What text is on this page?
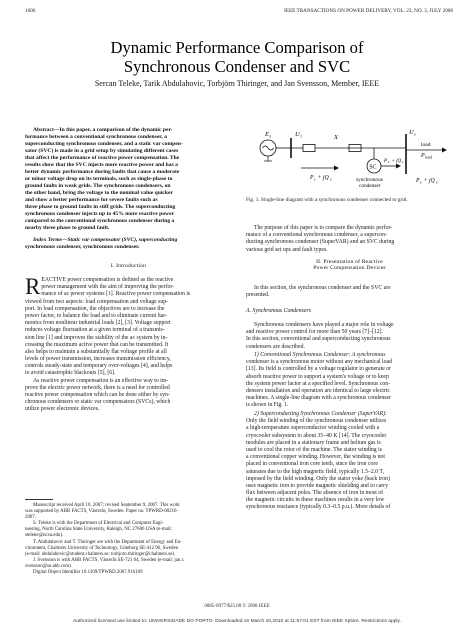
1606	IEEE TRANSACTIONS ON POWER DELIVERY, VOL. 23, NO. 3, JULY 2008
Dynamic Performance Comparison of
Synchronous Condenser and SVC
Sercan Teleke, Tarik Abdulahovic, Torbjörn Thiringer, and Jan Svensson, Member, IEEE
Abstract—In this paper, a comparison of the dynamic per-
formance between a conventional synchronous condenser, a
superconducting synchronous condenser, and a static var compen-
sator (SVC) is made in a grid setup by simulating different cases
that affect the performance of reactive power compensation. The
results show that the SVC injects more reactive power and has a
better dynamic performance during faults that cause a moderate
or minor voltage drop on its terminals, such as single-phase to
ground faults in weak grids. The synchronous condensers, on
the other hand, bring the voltage to the nominal value quicker
and show a better performance for severe faults such as
three phase to ground faults in stiff grids. The superconducting
synchronous condenser injects up to 45% more reactive power
compared to the conventional synchronous condenser during a
nearby three phase to ground fault.
Index Terms—Static var compensator (SVC), superconducting
synchronous condenser, synchronous condenser.
I. Introduction
R EACTIVE power compensation is defined as the reactive
power management with the aim of improving the perfor-
mance of ac power systems [1]. Reactive power compensation is
viewed from two aspects: load compensation and voltage sup-
port. In load compensation, the objectives are to increase the
power factor, to balance the load and to eliminate current har-
monics from nonlinear industrial loads [2], [3]. Voltage support
reduces voltage fluctuation at a given terminal of a transmis-
sion line [1] and improves the stability of the ac system by in-
creasing the maximum active power that can be transmitted. It
also helps to maintain a substantially flat voltage profile at all
levels of power transmission, increases transmission efficiency,
controls steady-state and temporary over-voltages [4], and helps
to avoid catastrophic blackouts [5], [6].
As reactive power compensation is an effective way to im-
prove the electric power network, there is a need for controlled
reactive power compensation which can be done either by syn-
chronous condensers or static var compensators (SVCs), which
utilize power electronic devices.
Manuscript received April 16, 2007; revised September 9, 2007. This work
was supported by ABB FACTS, Västerås, Sweden. Paper no. TPWRD-00216-
2007.
S. Teleke is with the Department of Electrical and Computer Engi-
neering, North Carolina State University, Raleigh, NC 27606 USA (e-mail:
steleke@ncsu.edu).
T. Abdulahovic and T. Thiringer are with the Department of Energy and En-
vironment, Chalmers University of Technology, Göteborg SE-412 96, Sweden
(e-mail: abdulahovic@student.chalmers.se; torbjorn.thiringer@chalmers.se).
J. Svensson is with ABB FACTS, Västerås SE-721 64, Sweden (e-mail: jan.r.
svensson@se.abb.com).
Digital Object Identifier 10.1109/TPWRD.2007.916109
E s	U 1	X
U s
load
P load
SC
P c + jQ c
synchronous
condenser
P s + jQ s	P s + jQ s
Fig. 1. Single-line diagram with a synchronous condenser connected to grid.
The purpose of this paper is to compare the dynamic perfor-
mance of a conventional synchronous condenser, a supercon-
ducting synchronous condenser (SuperVAR) and an SVC during
various grid set ups and fault types.
II. Presentation of Reactive
Power Compensation Devices
In this section, the synchronous condenser and the SVC are
presented.
A. Synchronous Condensers
Synchronous condensers have played a major role in voltage
and reactive power control for more than 50 years [7]–[12].
In this section, conventional and superconducting synchronous
condensers are described.
1) Conventional Synchronous Condenser: A synchronous
condenser is a synchronous motor without any mechanical load
[13]. Its field is controlled by a voltage regulator to generate or
absorb reactive power to support a system's voltage or to keep
the system power factor at a specified level. Synchronous con-
densers installation and operation are identical to large electric
machines. A single-line diagram with a synchronous condenser
is shown in Fig. 1.
2) Superconducting Synchronous Condenser (SuperVAR):
Only the field winding of the synchronous condenser utilizes
a high-temperature superconductor winding cooled with a
cryocooler subsystem to about 35–40 K [14]. The cryocooler
modules are placed in a stationary frame and helium gas is
used to cool the rotor of the machine. The stator winding is
a conventional copper winding. However, the winding is not
placed in conventional iron core teeth, since the iron core
saturates due to the high magnetic field, typically 1.5–2.0 T,
imposed by the field winding. Only the stator yoke (back iron)
uses magnetic iron to provide magnetic shielding and to carry
flux between adjacent poles. The absence of iron in most of
the magnetic circuits in these machines results in a very low
synchronous reactance (typically 0.3–0.5 p.u.). More details of
0885-8977/$25.00 © 2008 IEEE
Authorized licensed use limited to: UNIVERSIDADE DO PORTO. Downloaded on March 10,2010 at 11:57:01 EST from IEEE Xplore. Restrictions apply.
